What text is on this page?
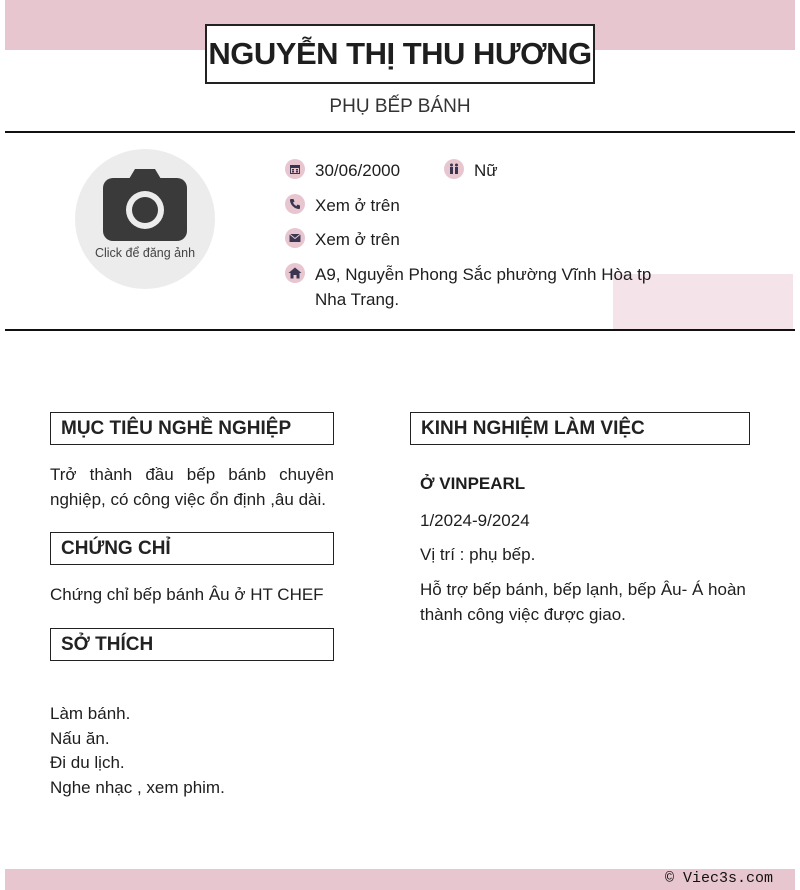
NGUYỄN THỊ THU HƯƠNG
PHỤ BẾP BÁNH
Click để đăng ảnh
30/06/2000	Nữ
Xem ở trên
Xem ở trên
A9, Nguyễn Phong Sắc phường Vĩnh Hòa tp
Nha Trang.
MỤC TIÊU NGHỀ NGHIỆP
Trở thành đầu bếp bánb chuyên nghiệp, có công việc ổn định ,âu dài.
CHỨNG CHỈ
Chứng chỉ bếp bánh Âu ở HT CHEF
SỞ THÍCH
Làm bánh.
Nấu ăn.
Đi du lịch.
Nghe nhạc , xem phim.
KINH NGHIỆM LÀM VIỆC
Ở VINPEARL
1/2024-9/2024
Vị trí : phụ bếp.
Hỗ trợ bếp bánh, bếp lạnh, bếp Âu- Á hoàn thành công việc được giao.
© Viec3s.com
